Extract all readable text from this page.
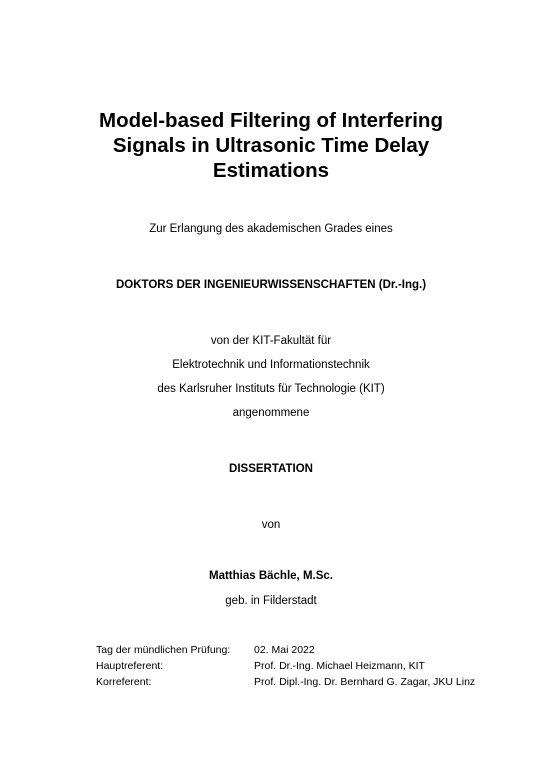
Model-based Filtering of Interfering
Signals in Ultrasonic Time Delay
Estimations
Zur Erlangung des akademischen Grades eines
DOKTORS DER INGENIEURWISSENSCHAFTEN (Dr.-Ing.)
von der KIT-Fakultät für
Elektrotechnik und Informationstechnik
des Karlsruher Instituts für Technologie (KIT)
angenommene
DISSERTATION
von
Matthias Bächle, M.Sc.
geb. in Filderstadt
Tag der mündlichen Prüfung:	02. Mai 2022
Hauptreferent:	Prof. Dr.-Ing. Michael Heizmann, KIT
Korreferent:	Prof. Dipl.-Ing. Dr. Bernhard G. Zagar, JKU Linz
